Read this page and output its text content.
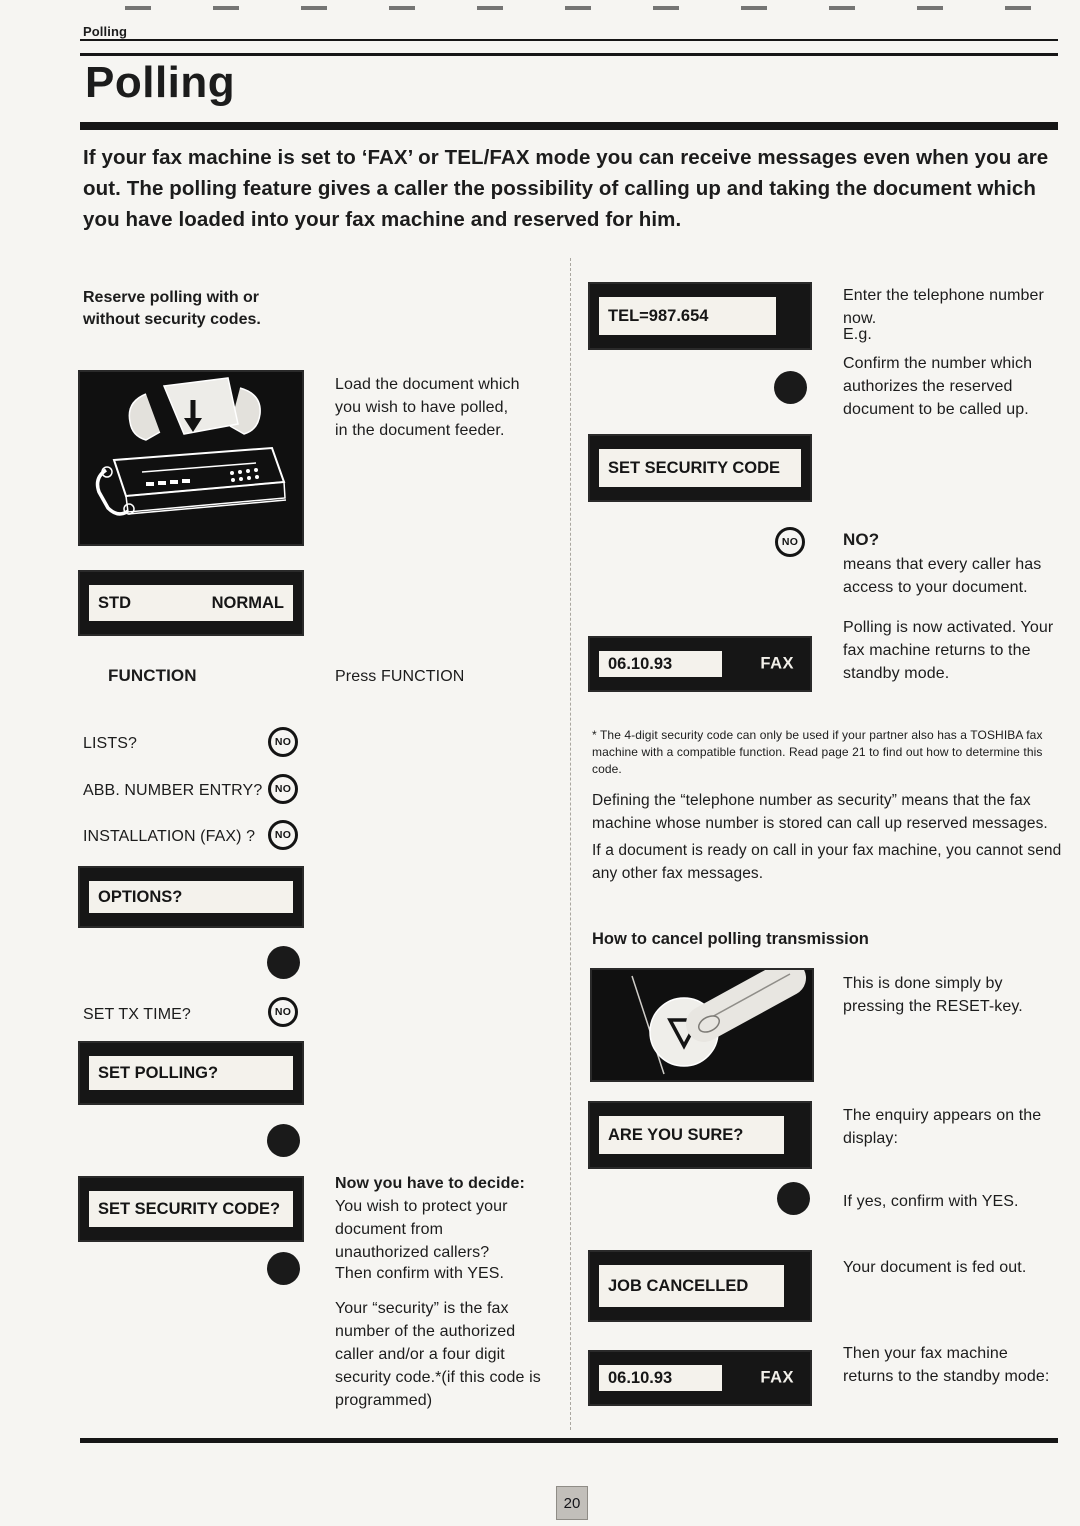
Polling
Polling
If your fax machine is set to ‘FAX’ or TEL/FAX mode you can receive messages even when you are out. The polling feature gives a caller the possibility of calling up and taking the document which you have loaded into your fax machine and reserved for him.
Reserve polling with or without security codes.
Load the document which you wish to have polled, in the document feeder.
STD	NORMAL
FUNCTION	Press FUNCTION
LISTS?	NO
ABB. NUMBER ENTRY?	NO
INSTALLATION (FAX) ?	NO
OPTIONS?
SET TX TIME?	NO
SET POLLING?
SET SECURITY CODE?
Now you have to decide:
You wish to protect your document from unauthorized callers?
Then confirm with YES.
Your “security” is the fax number of the authorized caller and/or a four digit security code.*(if this code is programmed)
TEL=987.654
Enter the telephone number now.
E.g.
Confirm the number which authorizes the reserved document to be called up.
SET SECURITY CODE
NO	NO?
means that every caller has access to your document.
06.10.93	FAX
Polling is now activated. Your fax machine returns to the standby mode.
* The 4-digit security code can only be used if your partner also has a TOSHIBA fax machine with a compatible function. Read page 21 to find out how to determine this code.
Defining the “telephone number as security” means that the fax machine whose number is stored can call up reserved messages.
If a document is ready on call in your fax machine, you cannot send any other fax messages.
How to cancel polling transmission
This is done simply by pressing the RESET-key.
ARE YOU SURE?
The enquiry appears on the display:
If yes, confirm with YES.
JOB CANCELLED
Your document is fed out.
06.10.93	FAX
Then your fax machine returns to the standby mode:
20
